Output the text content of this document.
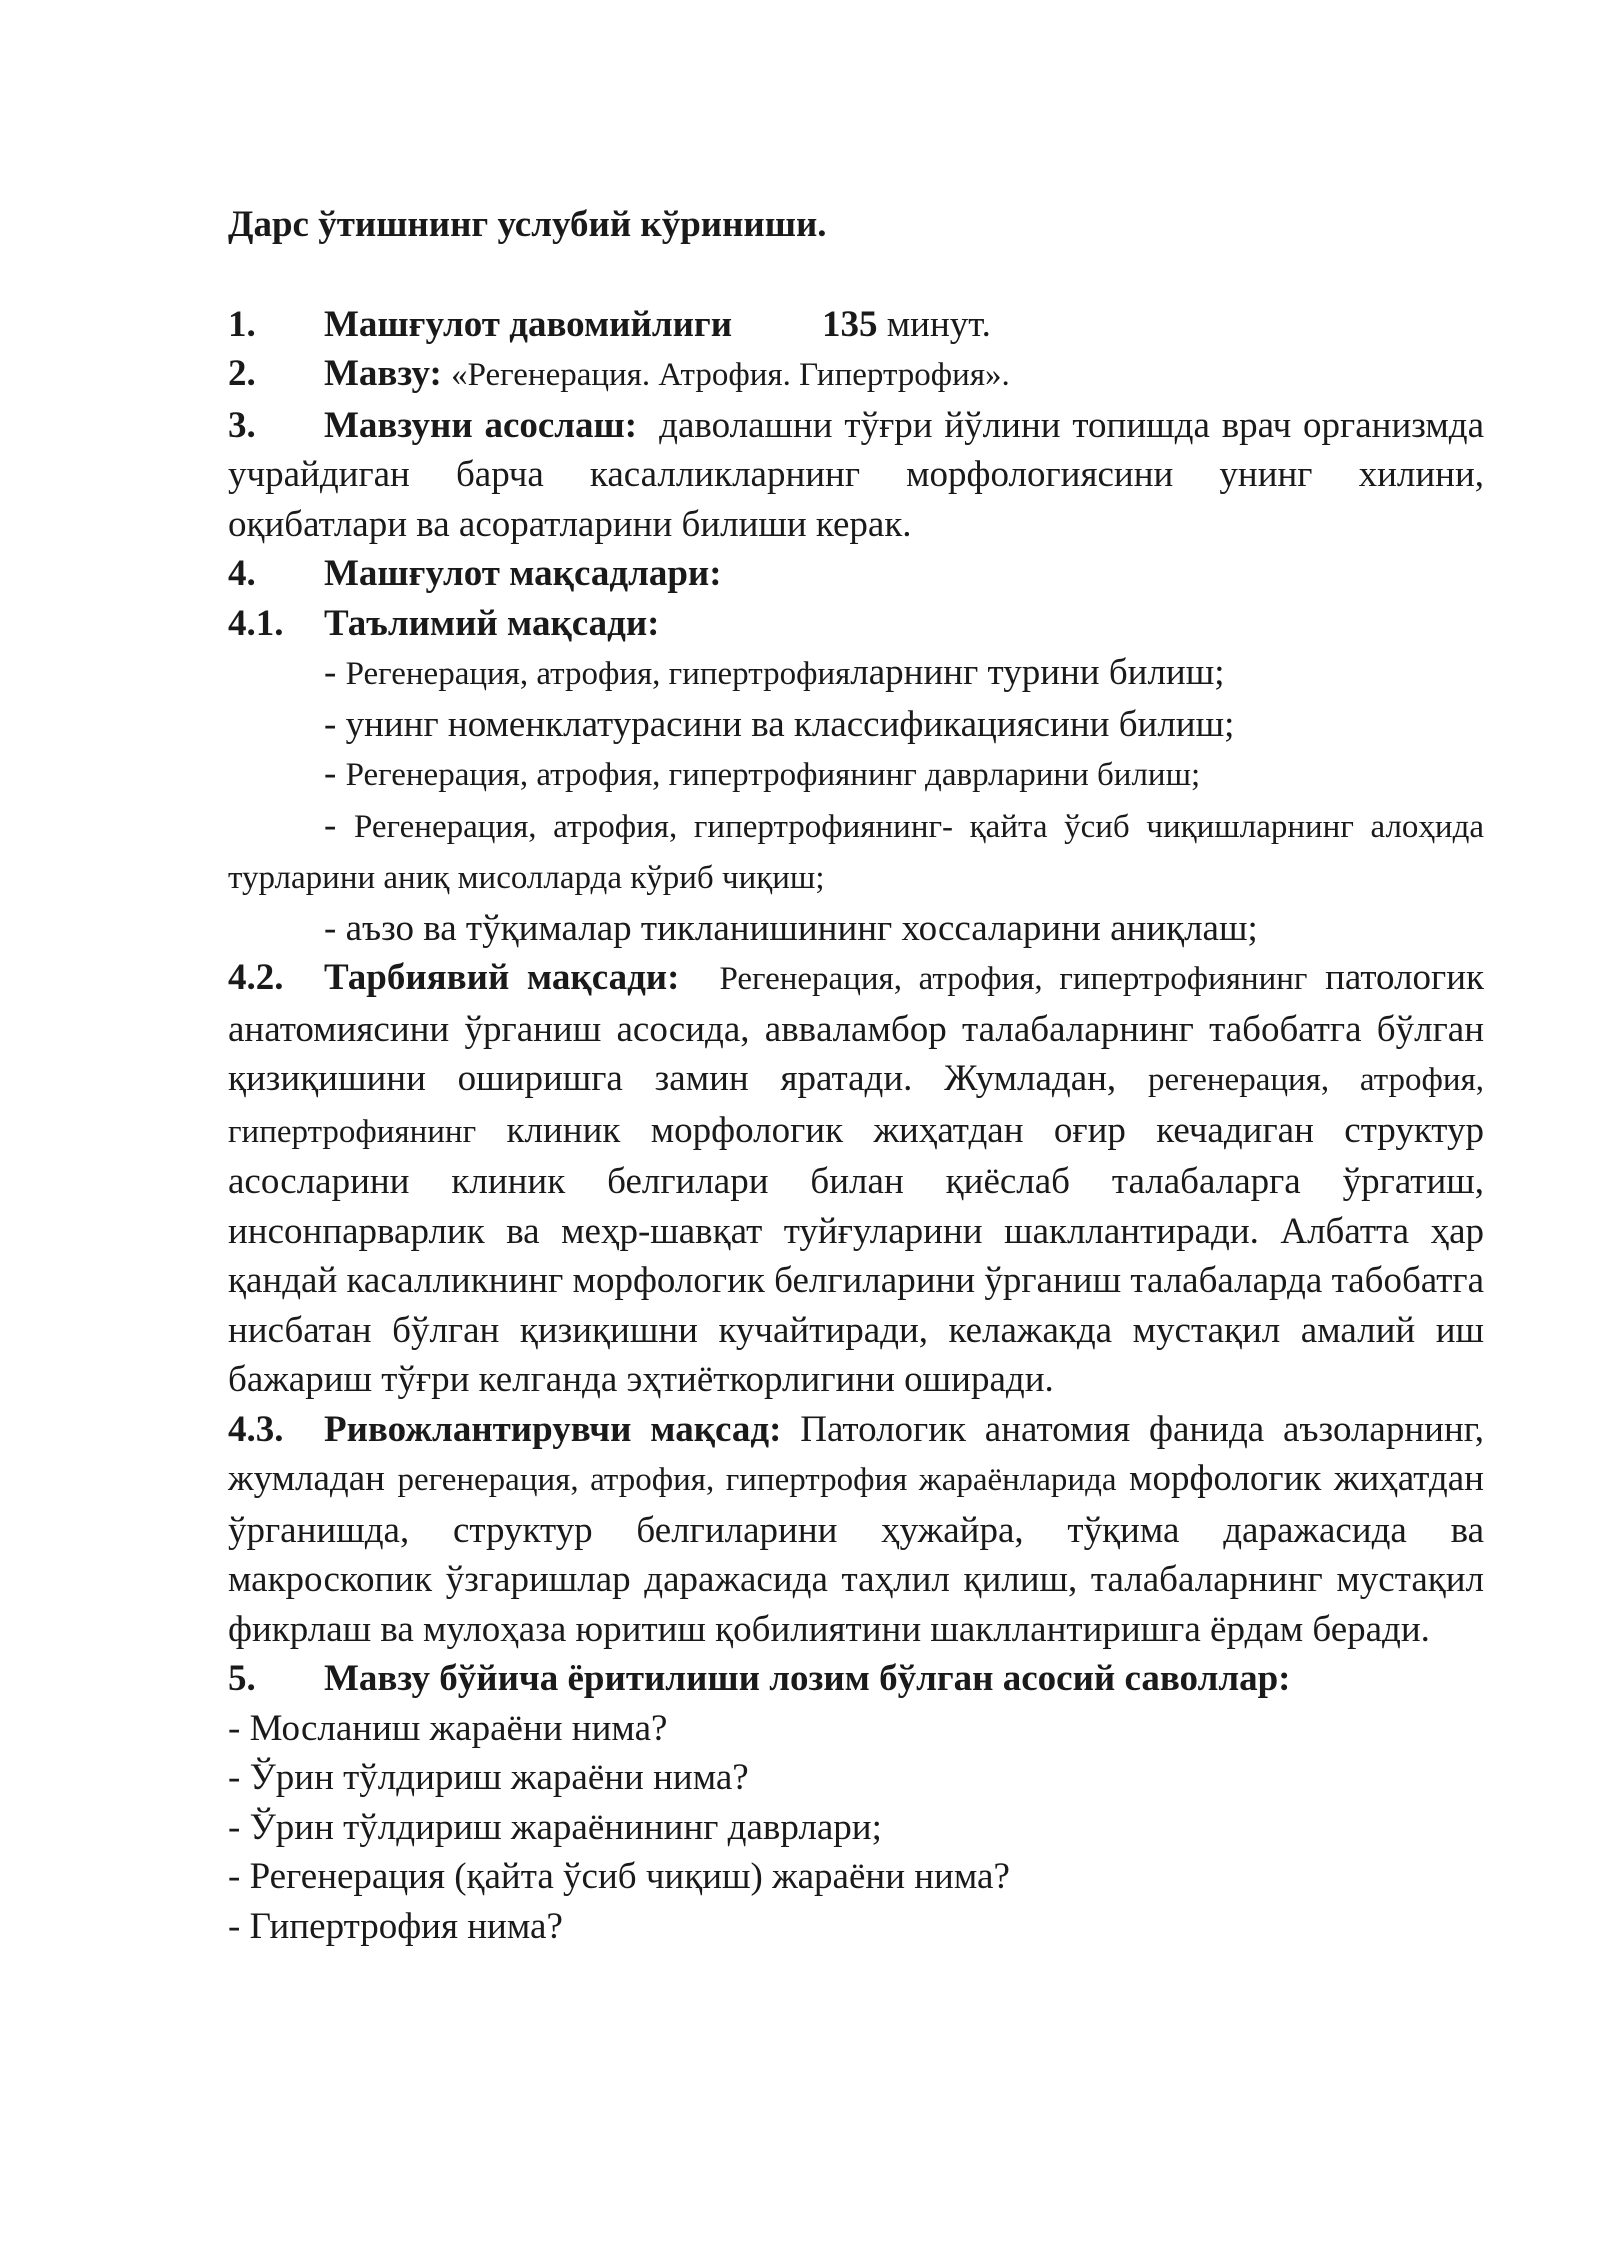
Дарс ўтишнинг услубий кўриниши.

1. Машғулот давомийлиги 135 минут.

2. Мавзу: «Регенерация. Атрофия. Гипертрофия».

3. Мавзуни асослаш: даволашни тўғри йўлини топишда врач организмда учрайдиган барча касалликларнинг морфологиясини унинг хилини, оқибатлари ва асоратларини билиши керак.

4. Машғулот мақсадлари:

4.1. Таълимий мақсади:

- Регенерация, атрофия, гипертрофияларнинг турини билиш;

- унинг номенклатурасини ва классификациясини билиш;

- Регенерация, атрофия, гипертрофиянинг даврларини билиш;

- Регенерация, атрофия, гипертрофиянинг- қайта ўсиб чиқишларнинг алоҳида турларини аниқ мисолларда кўриб чиқиш;

- аъзо ва тўқималар тикланишининг хоссаларини аниқлаш;

4.2. Тарбиявий мақсади: Регенерация, атрофия, гипертрофиянинг патологик анатомиясини ўрганиш асосида, аввaламбор талабаларнинг табобатга бўлган қизиқишини оширишга замин яратади. Жумладан, регенерация, атрофия, гипертрофиянинг клиник морфологик жиҳатдан оғир кечадиган структур асосларини клиник белгилари билан қиёслаб талабаларга ўргатиш, инсонпарварлик ва меҳр-шавқат туйғуларини шакллантиради. Албатта ҳар қандай касалликнинг морфологик белгиларини ўрганиш талабаларда табобатга нисбатан бўлган қизиқишни кучайтиради, келажакда мустақил амалий иш бажариш тўғри келганда эҳтиёткорлигини оширади.

4.3. Ривожлантирувчи мақсад: Патологик анатомия фанида аъзоларнинг, жумладан регенерация, атрофия, гипертрофия жараёнларида морфологик жиҳатдан ўрганишда, структур белгиларини ҳужайра, тўқима даражасида ва макроскопик ўзгаришлар даражасида таҳлил қилиш, талабаларнинг мустақил фикрлаш ва мулоҳаза юритиш қобилиятини шакллантиришга ёрдам беради.

5. Мавзу бўйича ёритилиши лозим бўлган асосий саволлар:

- Мосланиш жараёни нима?

- Ўрин тўлдириш жараёни нима?

- Ўрин тўлдириш жараёнининг даврлари;

- Регенерация (қайта ўсиб чиқиш) жараёни нима?

- Гипертрофия нима?
